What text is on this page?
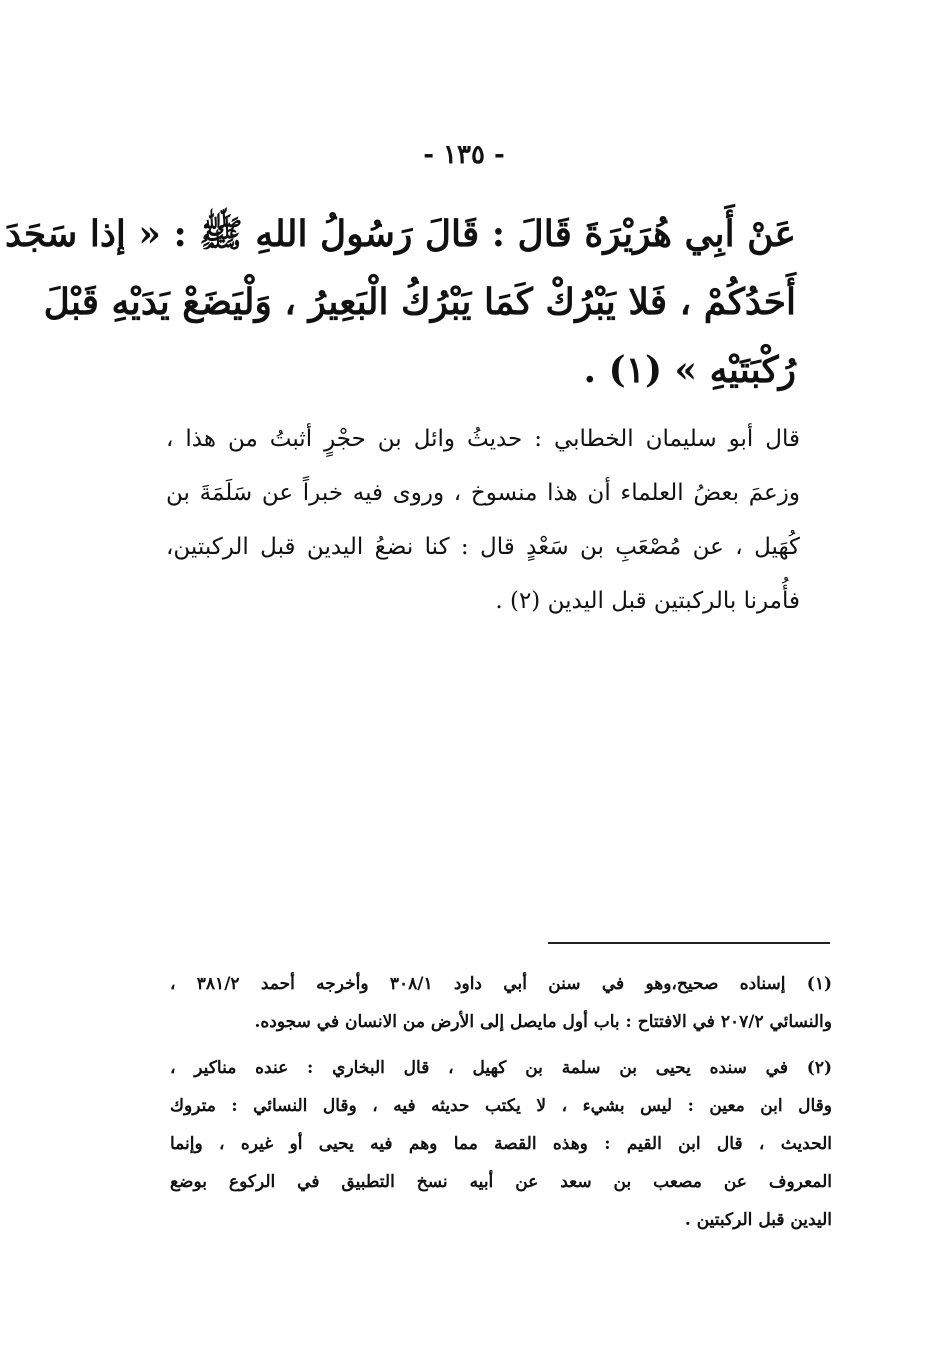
- ١٣٥ -
عَنْ أَبِي هُرَيْرَةَ قَالَ : قَالَ رَسُولُ اللهِ ﷺ : « إذا سَجَدَ
أَحَدُكُمْ ، فَلا يَبْرُكْ كَمَا يَبْرُكُ الْبَعِيرُ ، وَلْيَضَعْ يَدَيْهِ قَبْلَ
رُكْبَتَيْهِ » (١) .
قال أبو سليمان الخطابي : حديثُ وائل بن حجْرٍ أثبتُ من هذا ،
وزعمَ بعضُ العلماء أن هذا منسوخ ، وروى فيه خبراً عن سَلَمَةَ بن
كُهَيل ، عن مُصْعَبِ بن سَعْدٍ قال : كنا نضعُ اليدين قبل الركبتين،
فأُمرنا بالركبتين قبل اليدين (٢) .
(١) إسناده صحيح،وهو في سنن أبي داود ٣٠٨/١ وأخرجه أحمد ٣٨١/٢ ،
والنسائي ٢٠٧/٢ في الافتتاح : باب أول مايصل إلى الأرض من الانسان في سجوده.
(٢) في سنده يحيى بن سلمة بن كهيل ، قال البخاري : عنده مناكير ،
وقال ابن معين : ليس بشيء ، لا يكتب حديثه فيه ، وقال النسائي : متروك
الحديث ، قال ابن القيم : وهذه القصة مما وهم فيه يحيى أو غيره ، وإنما
المعروف عن مصعب بن سعد عن أبيه نسخ التطبيق في الركوع بوضع
اليدين قبل الركبتين .
